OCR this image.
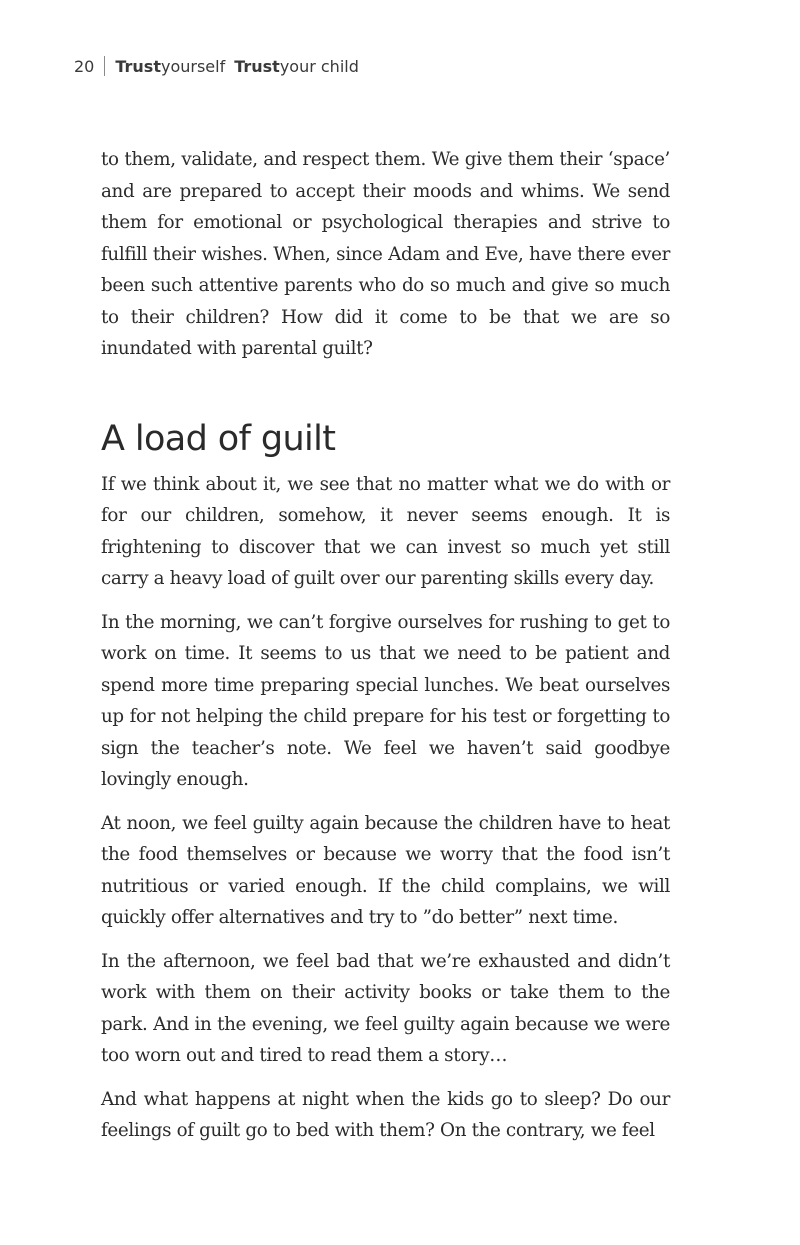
20 Trust yourself Trust your child

to them, validate, and respect them. We give them their ‘space’ and are prepared to accept their moods and whims. We send them for emotional or psychological therapies and strive to fulfill their wishes. When, since Adam and Eve, have there ever been such attentive parents who do so much and give so much to their children? How did it come to be that we are so inundated with parental guilt?

A load of guilt

If we think about it, we see that no matter what we do with or for our children, somehow, it never seems enough. It is frightening to discover that we can invest so much yet still carry a heavy load of guilt over our parenting skills every day.

In the morning, we can’t forgive ourselves for rushing to get to work on time. It seems to us that we need to be patient and spend more time preparing special lunches. We beat ourselves up for not helping the child prepare for his test or forgetting to sign the teacher’s note. We feel we haven’t said goodbye lovingly enough.

At noon, we feel guilty again because the children have to heat the food themselves or because we worry that the food isn’t nutritious or varied enough. If the child complains, we will quickly offer alternatives and try to ”do better” next time.

In the afternoon, we feel bad that we’re exhausted and didn’t work with them on their activity books or take them to the park. And in the evening, we feel guilty again because we were too worn out and tired to read them a story…

And what happens at night when the kids go to sleep? Do our feelings of guilt go to bed with them? On the contrary, we feel
